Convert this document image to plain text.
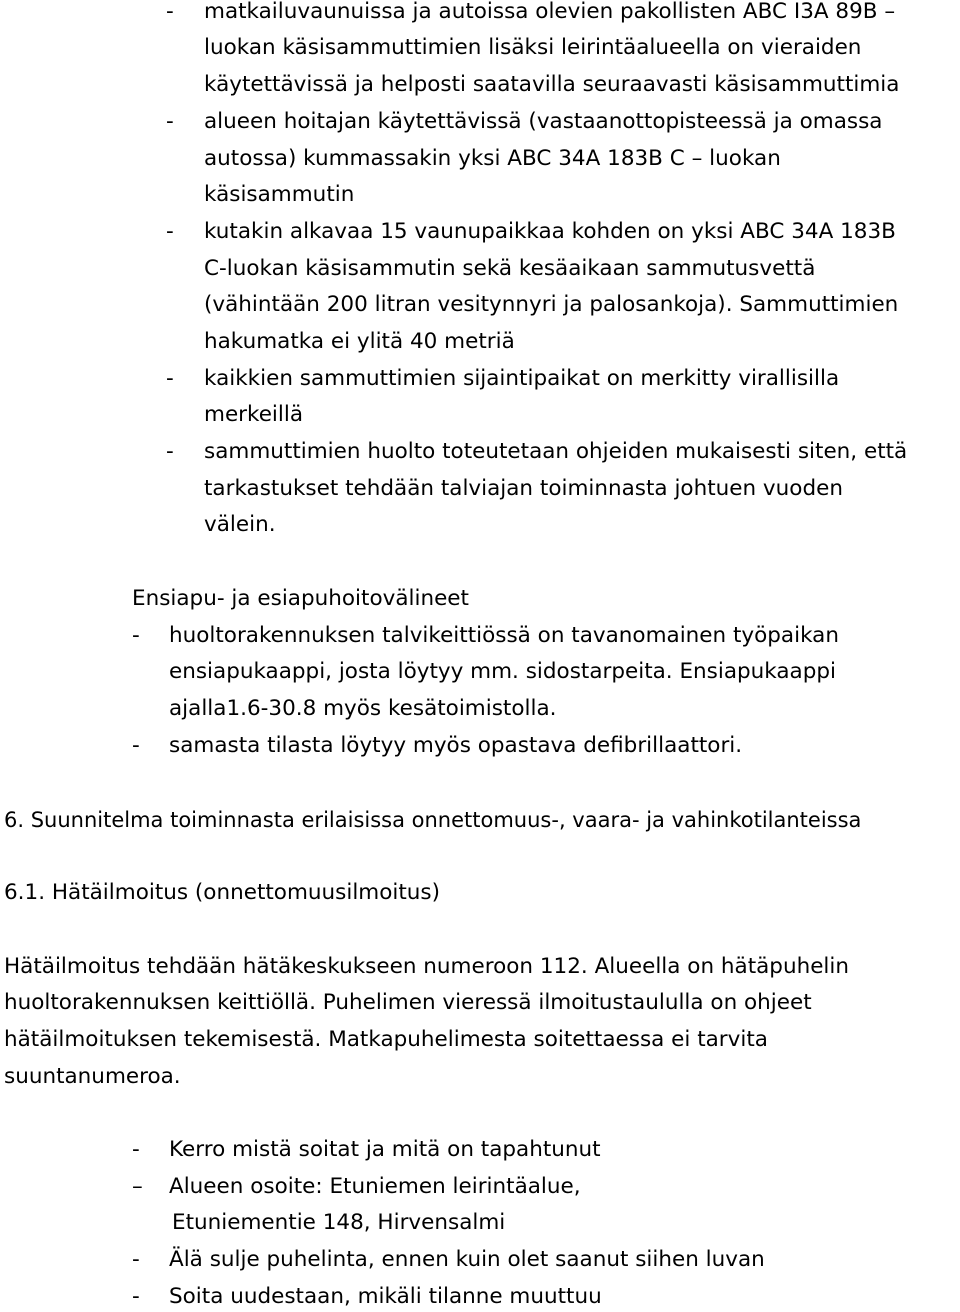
- matkailuvaunuissa ja autoissa olevien pakollisten ABC I3A 89B –
luokan käsisammuttimien lisäksi leirintäalueella on vieraiden
käytettävissä ja helposti saatavilla seuraavasti käsisammuttimia
- alueen hoitajan käytettävissä (vastaanottopisteessä ja omassa
autossa) kummassakin yksi ABC 34A 183B C – luokan
käsisammutin
- kutakin alkavaa 15 vaunupaikkaa kohden on yksi ABC 34A 183B
C-luokan käsisammutin sekä kesäaikaan sammutusvettä
(vähintään 200 litran vesitynnyri ja palosankoja). Sammuttimien
hakumatka ei ylitä 40 metriä
- kaikkien sammuttimien sijaintipaikat on merkitty virallisilla
merkeillä
- sammuttimien huolto toteutetaan ohjeiden mukaisesti siten, että
tarkastukset tehdään talviajan toiminnasta johtuen vuoden
välein.
Ensiapu- ja esiapuhoitovälineet
- huoltorakennuksen talvikeittiössä on tavanomainen työpaikan
ensiapukaappi, josta löytyy mm. sidostarpeita. Ensiapukaappi
ajalla1.6-30.8 myös kesätoimistolla.
- samasta tilasta löytyy myös opastava defibrillaattori.
6. Suunnitelma toiminnasta erilaisissa onnettomuus-, vaara- ja vahinkotilanteissa
6.1. Hätäilmoitus (onnettomuusilmoitus)
Hätäilmoitus tehdään hätäkeskukseen numeroon 112. Alueella on hätäpuhelin
huoltorakennuksen keittiöllä. Puhelimen vieressä ilmoitustaululla on ohjeet
hätäilmoituksen tekemisestä. Matkapuhelimesta soitettaessa ei tarvita
suuntanumeroa.
- Kerro mistä soitat ja mitä on tapahtunut
– Alueen osoite: Etuniemen leirintäalue,
Etuniementie 148, Hirvensalmi
- Älä sulje puhelinta, ennen kuin olet saanut siihen luvan
- Soita uudestaan, mikäli tilanne muuttuu
